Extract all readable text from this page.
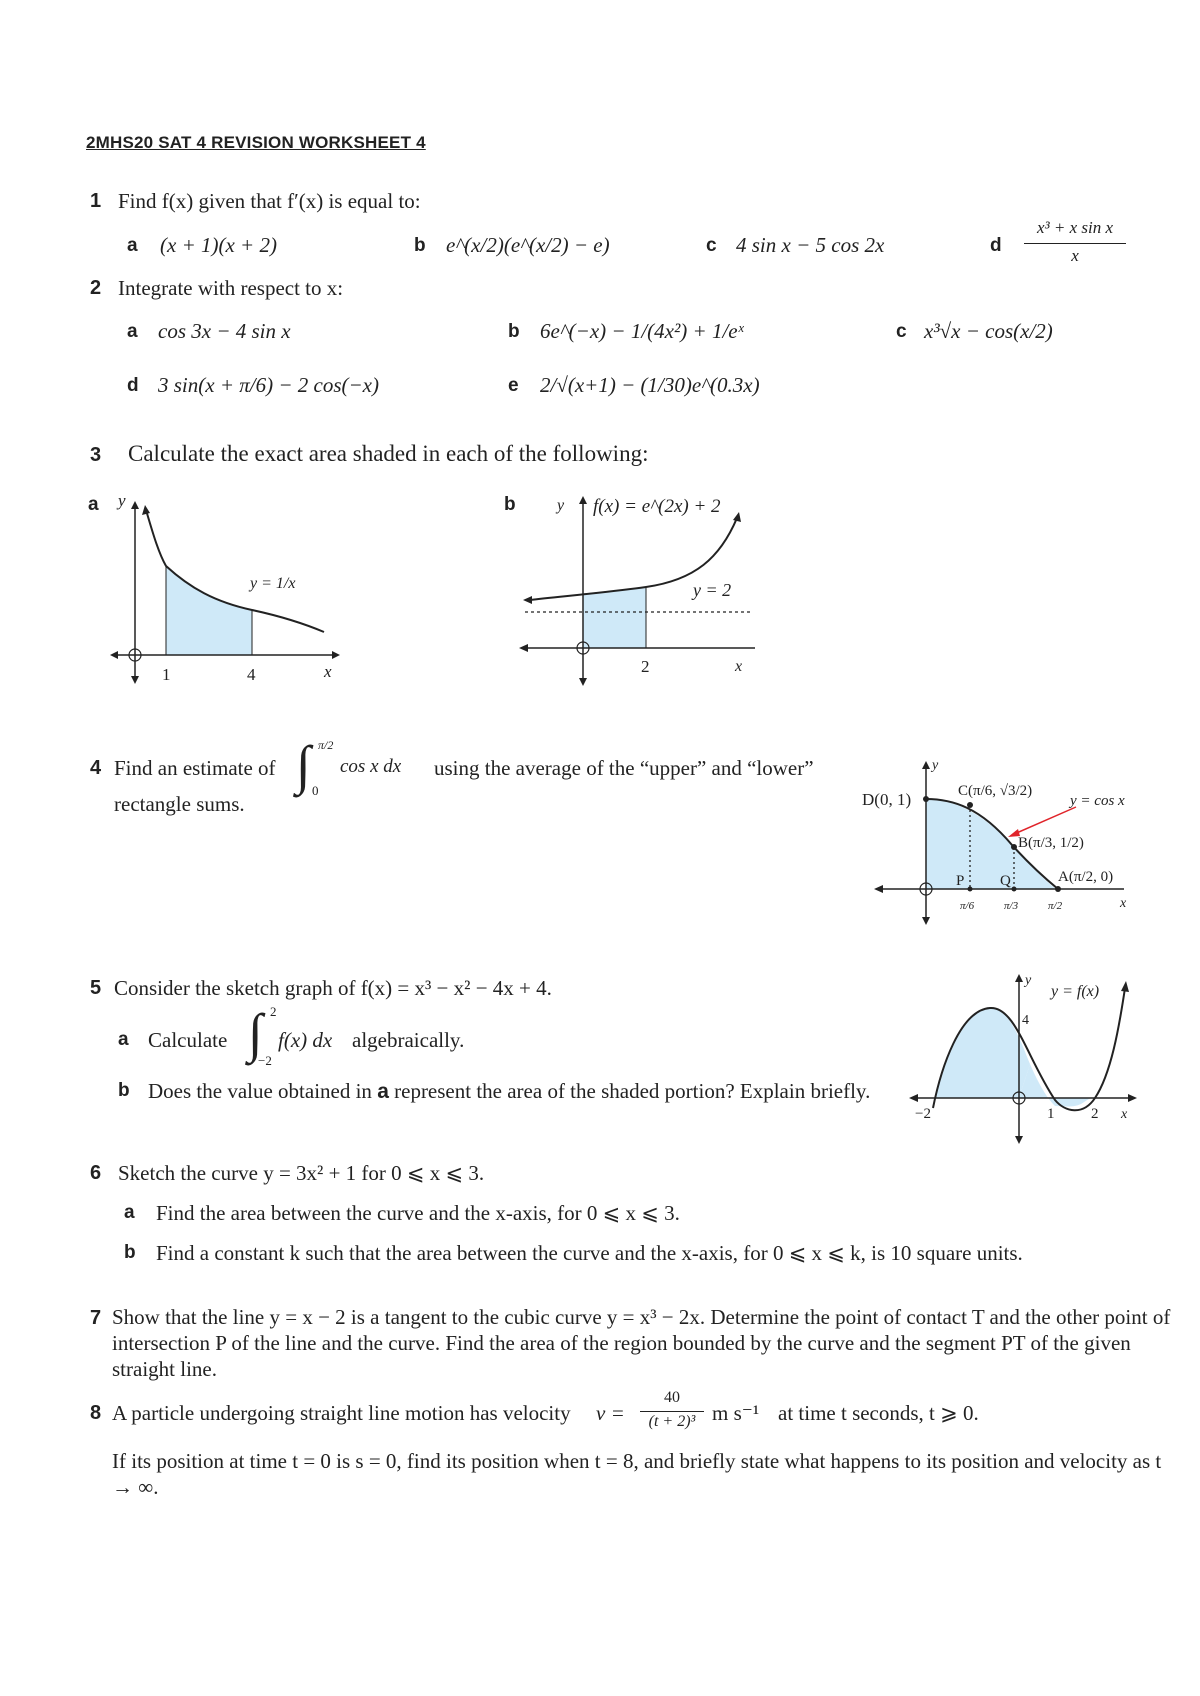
2MHS20 SAT 4 REVISION WORKSHEET 4
1 Find f(x) given that f′(x) is equal to:
a (x + 1)(x + 2)	b e^(x/2)(e^(x/2) − e)	c 4 sin x − 5 cos 2x	d
x³ + x sin x
x
2 Integrate with respect to x:
a cos 3x − 4 sin x	b 6e^(−x) − 1/(4x²) + 1/eˣ	c x³√x − cos(x/2)
d 3 sin(x + π/6) − 2 cos(−x)	e 2/√(x+1) − (1/30)e^(0.3x)
3 Calculate the exact area shaded in each of the following:
a	b
y
x
y = 1/x
1	4
y f(x) = e^(2x) + 2
y = 2
2	x
4 Find an estimate of ∫ π/2
0
cos x dx using the average of the “upper” and “lower”
rectangle sums.
y
D(0, 1)	C(π/6, √3/2)
y = cos x
B(π/3, 1/2)
A(π/2, 0)
P Q
π/6	π/3	π/2	x
5 Consider the sketch graph of f(x) = x³ − x² − 4x + 4.
a Calculate ∫ 2
−2
f(x) dx algebraically.
b Does the value obtained in a represent the area of the shaded portion? Explain briefly.
y
y = f(x)
4
−2	1 2 x
6 Sketch the curve y = 3x² + 1 for 0 ⩽ x ⩽ 3.
a Find the area between the curve and the x-axis, for 0 ⩽ x ⩽ 3.
b Find a constant k such that the area between the curve and the x-axis, for 0 ⩽ x ⩽ k, is 10 square units.
7 Show that the line y = x − 2 is a tangent to the cubic curve y = x³ − 2x. Determine the point of contact T and the other point of intersection P of the line and the curve. Find the area of the region bounded by the curve and the segment PT of the given straight line.
8 A particle undergoing straight line motion has velocity v =
40
(t + 2)³ m s⁻¹ at time t seconds, t ⩾ 0.
If its position at time t = 0 is s = 0, find its position when t = 8, and briefly state what happens to its position and velocity as t → ∞.
